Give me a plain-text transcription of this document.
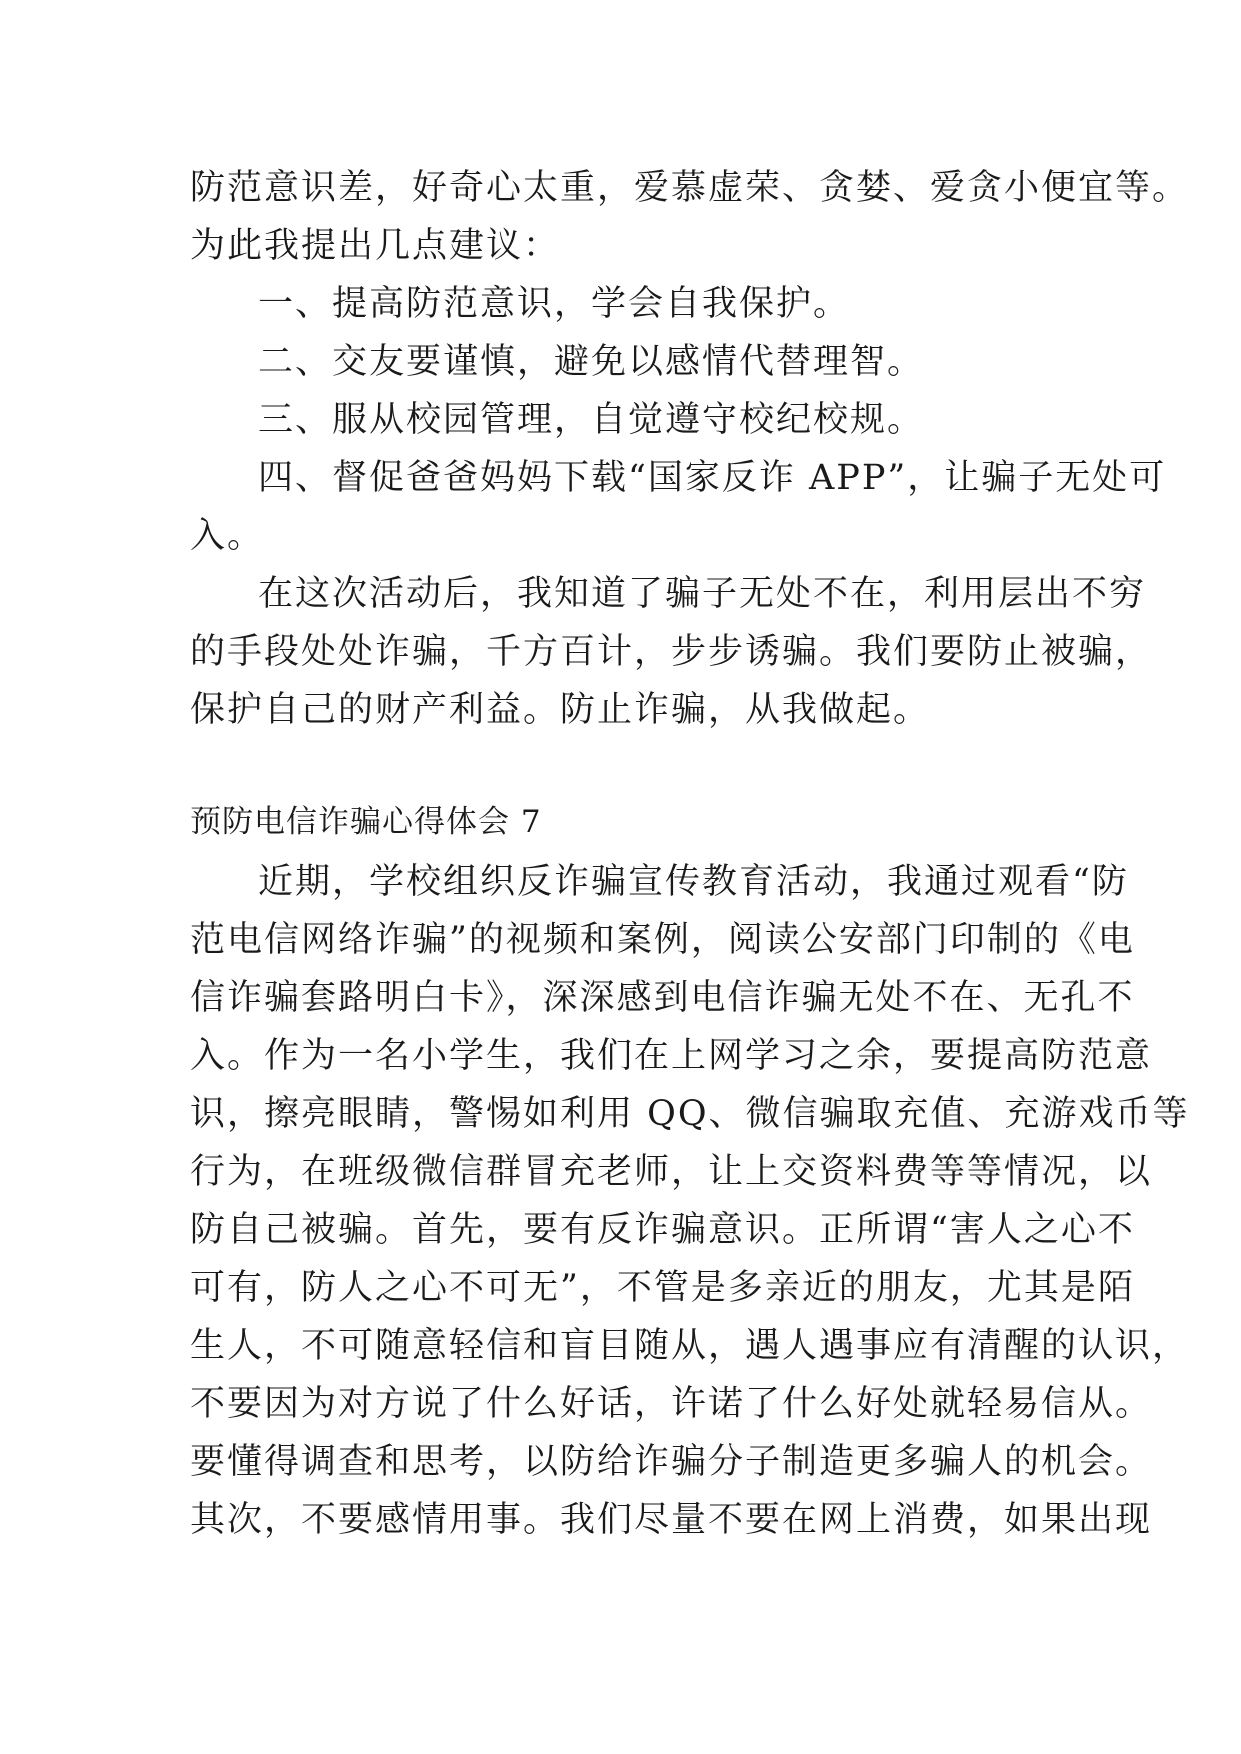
防范意识差，好奇心太重，爱慕虚荣、贪婪、爱贪小便宜等。
为此我提出几点建议：
一、提高防范意识，学会自我保护。
二、交友要谨慎，避免以感情代替理智。
三、服从校园管理，自觉遵守校纪校规。
四、督促爸爸妈妈下载“国家反诈 APP”，让骗子无处可
入。
在这次活动后，我知道了骗子无处不在，利用层出不穷
的手段处处诈骗，千方百计，步步诱骗。我们要防止被骗，
保护自己的财产利益。防止诈骗，从我做起。
预防电信诈骗心得体会 7
近期，学校组织反诈骗宣传教育活动，我通过观看“防
范电信网络诈骗”的视频和案例，阅读公安部门印制的《电
信诈骗套路明白卡》，深深感到电信诈骗无处不在、无孔不
入。作为一名小学生，我们在上网学习之余，要提高防范意
识，擦亮眼睛，警惕如利用 QQ、微信骗取充值、充游戏币等
行为，在班级微信群冒充老师，让上交资料费等等情况，以
防自己被骗。首先，要有反诈骗意识。正所谓“害人之心不
可有，防人之心不可无”，不管是多亲近的朋友，尤其是陌
生人，不可随意轻信和盲目随从，遇人遇事应有清醒的认识，
不要因为对方说了什么好话，许诺了什么好处就轻易信从。
要懂得调查和思考，以防给诈骗分子制造更多骗人的机会。
其次，不要感情用事。我们尽量不要在网上消费，如果出现
